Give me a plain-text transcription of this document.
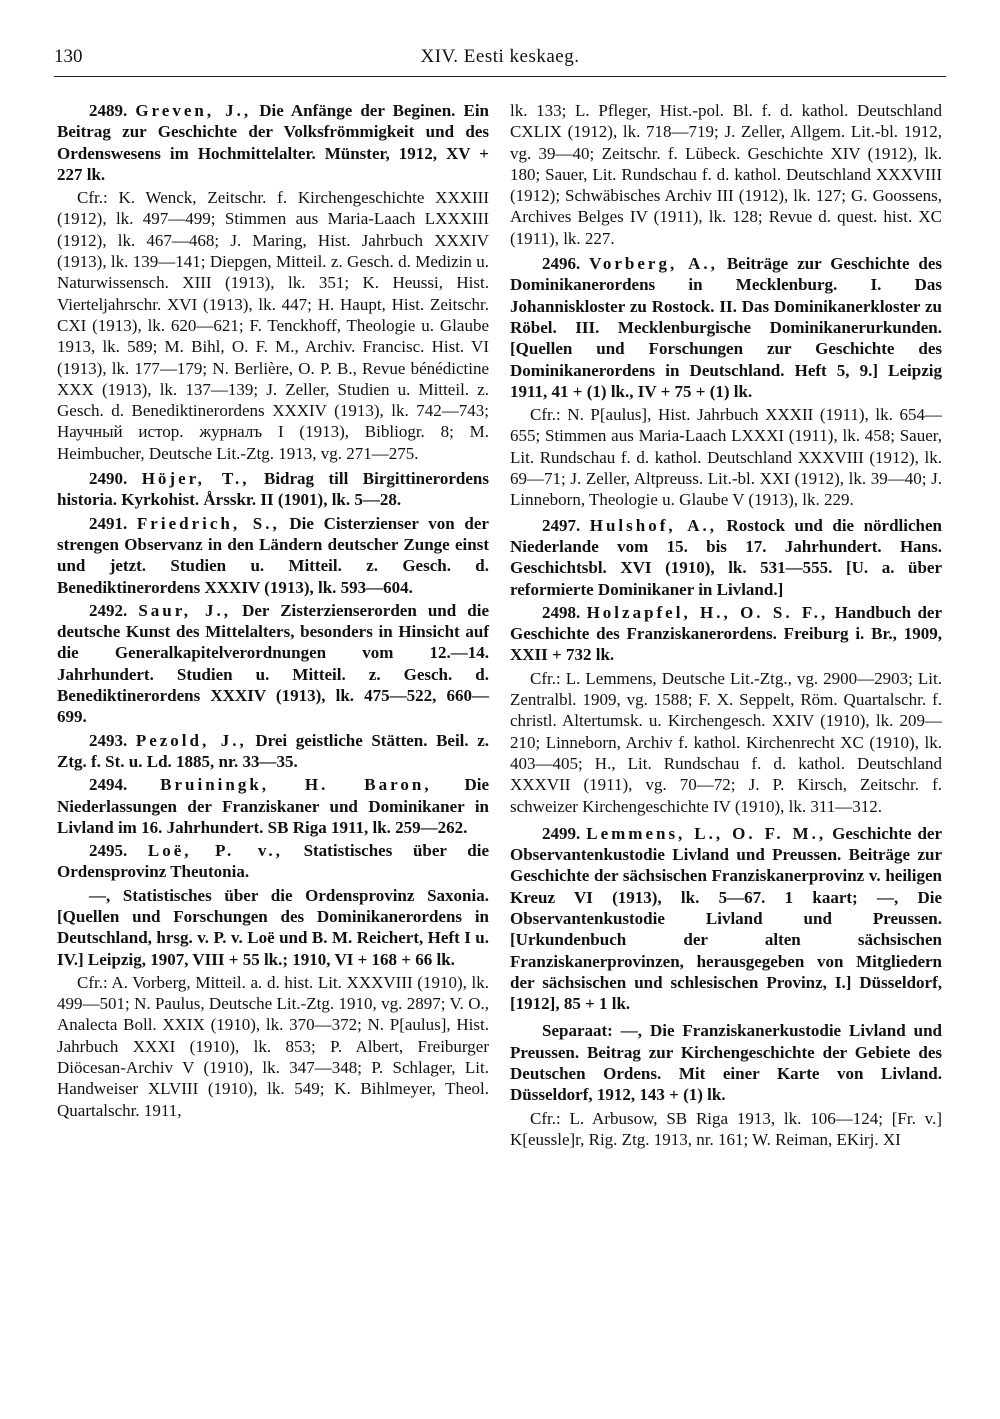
130	XIV. Eesti keskaeg.

2489. Greven, J., Die Anfänge der Beginen. Ein Beitrag zur Geschichte der Volksfrömmigkeit und des Ordenswesens im Hochmittelalter. Münster, 1912, XV + 227 lk.

Cfr.: K. Wenck, Zeitschr. f. Kirchengeschichte XXXIII (1912), lk. 497—499; Stimmen aus Maria-Laach LXXXIII (1912), lk. 467—468; J. Maring, Hist. Jahrbuch XXXIV (1913), lk. 139—141; Diepgen, Mitteil. z. Gesch. d. Medizin u. Naturwissensch. XIII (1913), lk. 351; K. Heussi, Hist. Vierteljahrschr. XVI (1913), lk. 447; H. Haupt, Hist. Zeitschr. CXI (1913), lk. 620—621; F. Tenckhoff, Theologie u. Glaube 1913, lk. 589; M. Bihl, O. F. M., Archiv. Francisc. Hist. VI (1913), lk. 177—179; N. Berlière, O. P. B., Revue bénédictine XXX (1913), lk. 137—139; J. Zeller, Studien u. Mitteil. z. Gesch. d. Benediktinerordens XXXIV (1913), lk. 742—743; Научный истор. журналъ I (1913), Bibliogr. 8; M. Heimbucher, Deutsche Lit.-Ztg. 1913, vg. 271—275.

2490. Höjer, T., Bidrag till Birgittinerordens historia. Kyrkohist. Årsskr. II (1901), lk. 5—28.

2491. Friedrich, S., Die Cisterzienser von der strengen Observanz in den Ländern deutscher Zunge einst und jetzt. Studien u. Mitteil. z. Gesch. d. Benediktinerordens XXXIV (1913), lk. 593—604.

2492. Saur, J., Der Zisterzienserorden und die deutsche Kunst des Mittelalters, besonders in Hinsicht auf die Generalkapitelverordnungen vom 12.—14. Jahrhundert. Studien u. Mitteil. z. Gesch. d. Benediktinerordens XXXIV (1913), lk. 475—522, 660—699.

2493. Pezold, J., Drei geistliche Stätten. Beil. z. Ztg. f. St. u. Ld. 1885, nr. 33—35.

2494. Bruiningk, H. Baron, Die Niederlassungen der Franziskaner und Dominikaner in Livland im 16. Jahrhundert. SB Riga 1911, lk. 259—262.

2495. Loë, P. v., Statistisches über die Ordensprovinz Theutonia.

—, Statistisches über die Ordensprovinz Saxonia. [Quellen und Forschungen des Dominikanerordens in Deutschland, hrsg. v. P. v. Loë und B. M. Reichert, Heft I u. IV.] Leipzig, 1907, VIII + 55 lk.; 1910, VI + 168 + 66 lk.

Cfr.: A. Vorberg, Mitteil. a. d. hist. Lit. XXXVIII (1910), lk. 499—501; N. Paulus, Deutsche Lit.-Ztg. 1910, vg. 2897; V. O., Analecta Boll. XXIX (1910), lk. 370—372; N. P[aulus], Hist. Jahrbuch XXXI (1910), lk. 853; P. Albert, Freiburger Diöcesan-Archiv V (1910), lk. 347—348; P. Schlager, Lit. Handweiser XLVIII (1910), lk. 549; K. Bihlmeyer, Theol. Quartalschr. 1911,

lk. 133; L. Pfleger, Hist.-pol. Bl. f. d. kathol. Deutschland CXLIX (1912), lk. 718—719; J. Zeller, Allgem. Lit.-bl. 1912, vg. 39—40; Zeitschr. f. Lübeck. Geschichte XIV (1912), lk. 180; Sauer, Lit. Rundschau f. d. kathol. Deutschland XXXVIII (1912); Schwäbisches Archiv III (1912), lk. 127; G. Goossens, Archives Belges IV (1911), lk. 128; Revue d. quest. hist. XC (1911), lk. 227.

2496. Vorberg, A., Beiträge zur Geschichte des Dominikanerordens in Mecklenburg. I. Das Johanniskloster zu Rostock. II. Das Dominikanerkloster zu Röbel. III. Mecklenburgische Dominikanerurkunden. [Quellen und Forschungen zur Geschichte des Dominikanerordens in Deutschland. Heft 5, 9.] Leipzig 1911, 41 + (1) lk., IV + 75 + (1) lk.

Cfr.: N. P[aulus], Hist. Jahrbuch XXXII (1911), lk. 654—655; Stimmen aus Maria-Laach LXXXI (1911), lk. 458; Sauer, Lit. Rundschau f. d. kathol. Deutschland XXXVIII (1912), lk. 69—71; J. Zeller, Altpreuss. Lit.-bl. XXI (1912), lk. 39—40; J. Linneborn, Theologie u. Glaube V (1913), lk. 229.

2497. Hulshof, A., Rostock und die nördlichen Niederlande vom 15. bis 17. Jahrhundert. Hans. Geschichtsbl. XVI (1910), lk. 531—555. [U. a. über reformierte Dominikaner in Livland.]

2498. Holzapfel, H., O. S. F., Handbuch der Geschichte des Franziskanerordens. Freiburg i. Br., 1909, XXII + 732 lk.

Cfr.: L. Lemmens, Deutsche Lit.-Ztg., vg. 2900—2903; Lit. Zentralbl. 1909, vg. 1588; F. X. Seppelt, Röm. Quartalschr. f. christl. Altertumsk. u. Kirchengesch. XXIV (1910), lk. 209—210; Linneborn, Archiv f. kathol. Kirchenrecht XC (1910), lk. 403—405; H., Lit. Rundschau f. d. kathol. Deutschland XXXVII (1911), vg. 70—72; J. P. Kirsch, Zeitschr. f. schweizer Kirchengeschichte IV (1910), lk. 311—312.

2499. Lemmens, L., O. F. M., Geschichte der Observantenkustodie Livland und Preussen. Beiträge zur Geschichte der sächsischen Franziskanerprovinz v. heiligen Kreuz VI (1913), lk. 5—67. 1 kaart; —, Die Observantenkustodie Livland und Preussen. [Urkundenbuch der alten sächsischen Franziskanerprovinzen, herausgegeben von Mitgliedern der sächsischen und schlesischen Provinz, I.] Düsseldorf, [1912], 85 + 1 lk.

Separaat: —, Die Franziskanerkustodie Livland und Preussen. Beitrag zur Kirchengeschichte der Gebiete des Deutschen Ordens. Mit einer Karte von Livland. Düsseldorf, 1912, 143 + (1) lk.

Cfr.: L. Arbusow, SB Riga 1913, lk. 106—124; [Fr. v.] K[eussle]r, Rig. Ztg. 1913, nr. 161; W. Reiman, EKirj. XI
